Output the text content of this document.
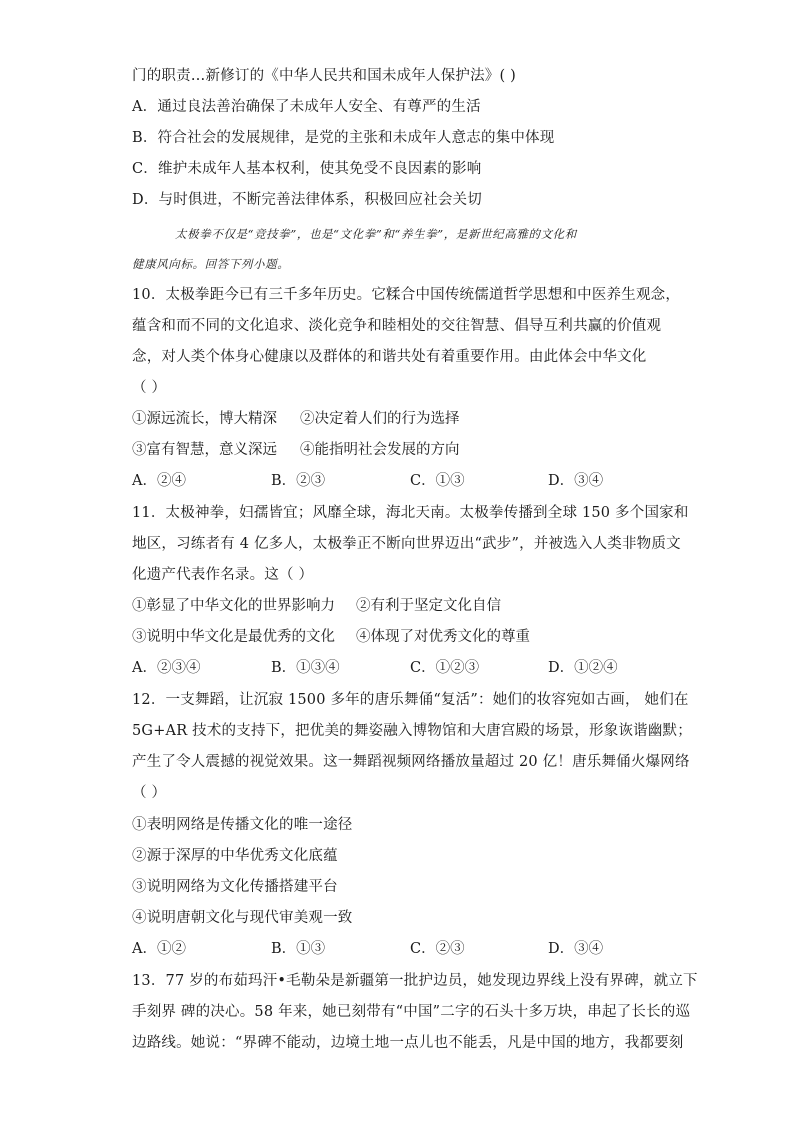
门的职责…新修订的《中华人民共和国未成年人保护法》( )
A．通过良法善治确保了未成年人安全、有尊严的生活
B．符合社会的发展规律，是党的主张和未成年人意志的集中体现
C．维护未成年人基本权利，使其免受不良因素的影响
D．与时俱进，不断完善法律体系，积极回应社会关切
太极拳不仅是“竞技拳”，也是“文化拳”和“养生拳”，是新世纪高雅的文化和
健康风向标。回答下列小题。
10．太极拳距今已有三千多年历史。它糅合中国传统儒道哲学思想和中医养生观念，
蕴含和而不同的文化追求、淡化竞争和睦相处的交往智慧、倡导互利共赢的价值观
念，对人类个体身心健康以及群体的和谐共处有着重要作用。由此体会中华文化
（ ）
①源远流长，博大精深 ②决定着人们的行为选择
③富有智慧，意义深远 ④能指明社会发展的方向
A．②④	B．②③	C．①③	D．③④
11．太极神拳，妇孺皆宜；风靡全球，海北天南。太极拳传播到全球 150 多个国家和
地区，习练者有 4 亿多人，太极拳正不断向世界迈出“武步”，并被选入人类非物质文
化遗产代表作名录。这（ ）
①彰显了中华文化的世界影响力 ②有利于坚定文化自信
③说明中华文化是最优秀的文化 ④体现了对优秀文化的尊重
A．②③④	B．①③④	C．①②③	D．①②④
12．一支舞蹈，让沉寂 1500 多年的唐乐舞俑“复活”：她们的妆容宛如古画， 她们在
5G+AR 技术的支持下，把优美的舞姿融入博物馆和大唐宫殿的场景，形象诙谐幽默；
产生了令人震撼的视觉效果。这一舞蹈视频网络播放量超过 20 亿！唐乐舞俑火爆网络
（ ）
①表明网络是传播文化的唯一途径
②源于深厚的中华优秀文化底蕴
③说明网络为文化传播搭建平台
④说明唐朝文化与现代审美观一致
A．①②	B．①③	C．②③	D．③④
13．77 岁的布茹玛汗•毛勒朵是新疆第一批护边员，她发现边界线上没有界碑，就立下
手刻界 碑的决心。58 年来，她已刻带有“中国”二字的石头十多万块，串起了长长的巡
边路线。她说：“界碑不能动，边境土地一点儿也不能丢，凡是中国的地方，我都要刻
